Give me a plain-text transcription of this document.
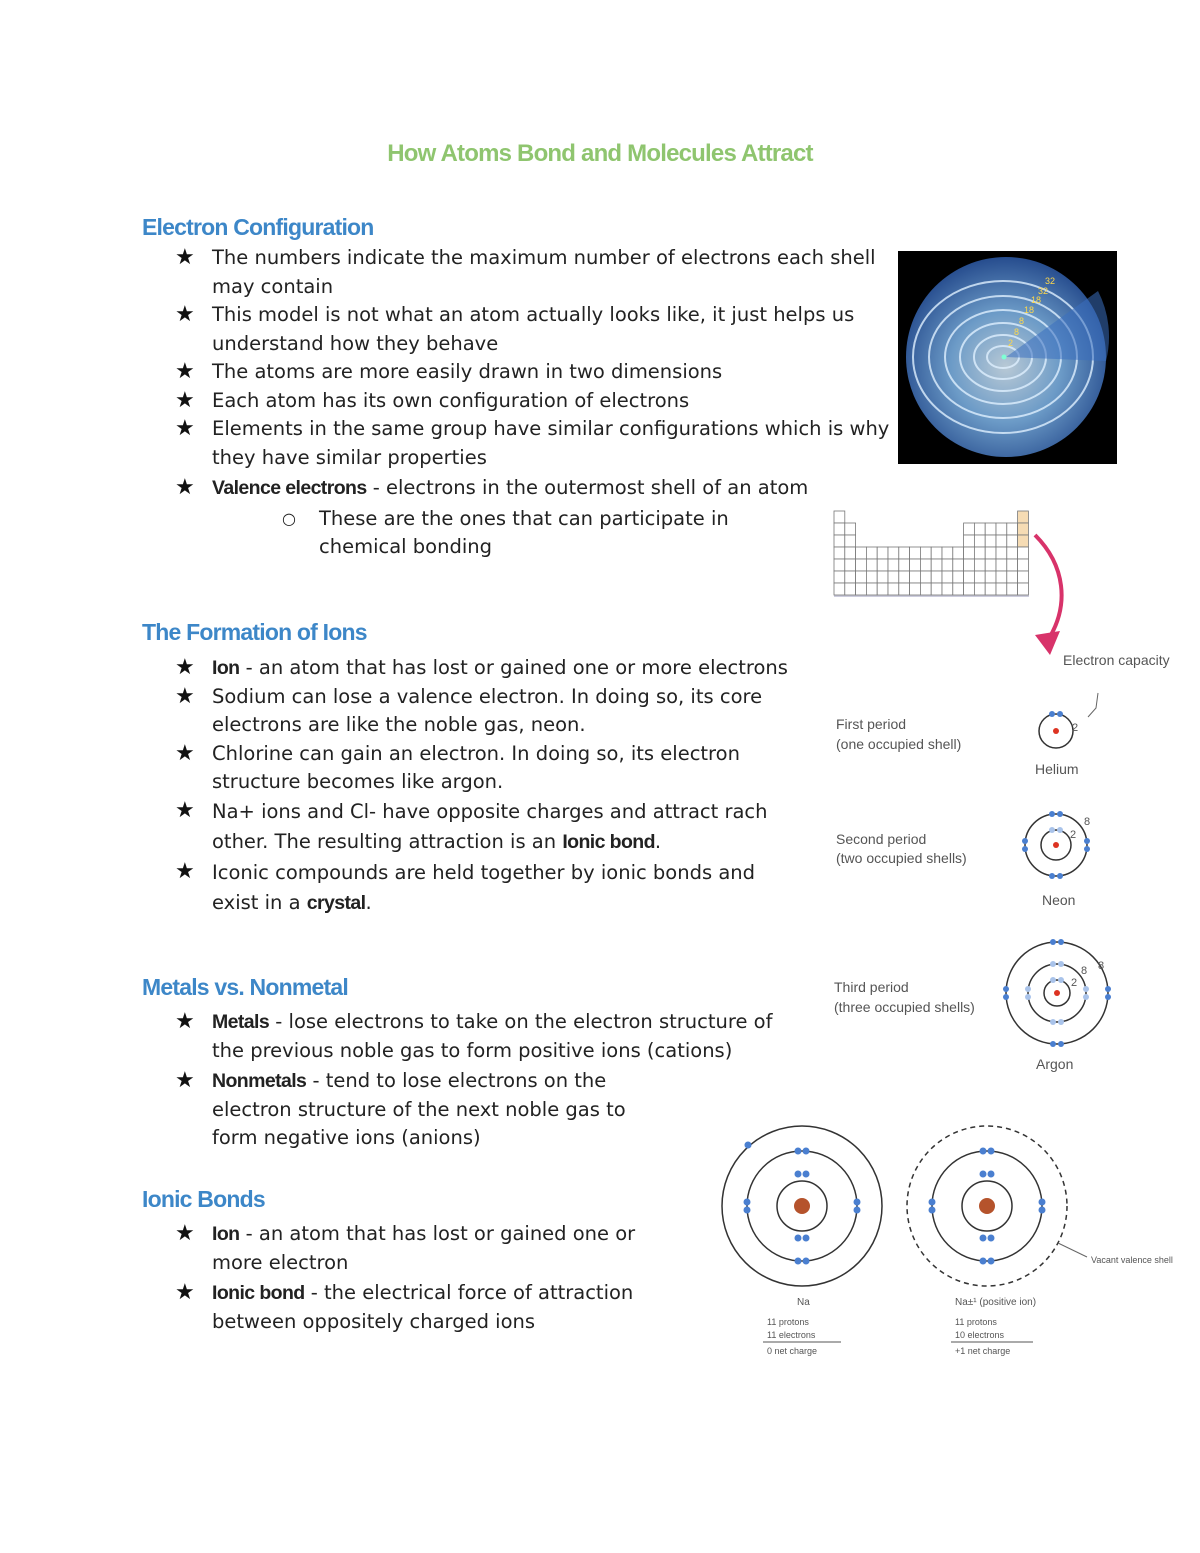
How Atoms Bond and Molecules Attract
Electron Configuration
★ The numbers indicate the maximum number of electrons each shell may contain
★ This model is not what an atom actually looks like, it just helps us understand how they behave
★ The atoms are more easily drawn in two dimensions
★ Each atom has its own configuration of electrons
★ Elements in the same group have similar configurations which is why they have similar properties
★ Valence electrons - electrons in the outermost shell of an atom
○ These are the ones that can participate in chemical bonding
The Formation of Ions
★ Ion - an atom that has lost or gained one or more electrons
★ Sodium can lose a valence electron. In doing so, its core electrons are like the noble gas, neon.
★ Chlorine can gain an electron. In doing so, its electron structure becomes like argon.
★ Na+ ions and Cl- have opposite charges and attract rach other. The resulting attraction is an Ionic bond.
★ Iconic compounds are held together by ionic bonds and exist in a crystal.
Metals vs. Nonmetal
★ Metals - lose electrons to take on the electron structure of the previous noble gas to form positive ions (cations)
★ Nonmetals - tend to lose electrons on the electron structure of the next noble gas to form negative ions (anions)
Ionic Bonds
★ Ion - an atom that has lost or gained one or more electron
★ Ionic bond - the electrical force of attraction between oppositely charged ions
2
8
8
18
18
32
32
Electron capacity
First period
(one occupied shell)
2
Helium
Second period
(two occupied shells)
2
8
Neon
Third period
(three occupied shells)
2
8 8
Argon
Na
11 protons
11 electrons
0 net charge
Vacant valence shell
Na±¹ (positive ion)
11 protons
10 electrons
+1 net charge
